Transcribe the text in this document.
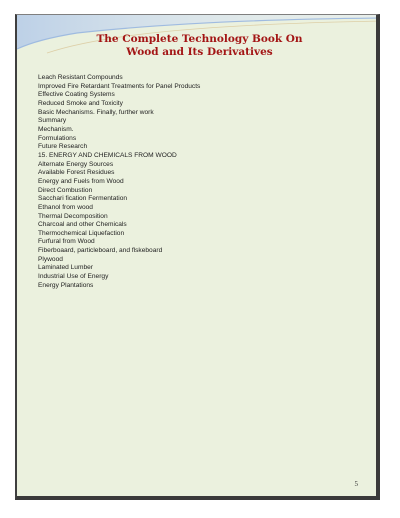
The Complete Technology Book On
Wood and Its Derivatives
Leach Resistant Compounds
Improved Fire Retardant Treatments for Panel Products
Effective Coating Systems
Reduced Smoke and Toxicity
Basic Mechanisms. Finally, further work
Summary
Mechanism.
Formulations
Future Research
15. ENERGY AND CHEMICALS FROM WOOD
Alternate Energy Sources
Available Forest Residues
Energy and Fuels from Wood
Direct Combustion
Sacchari fication Fermentation
Ethanol from wood
Thermal Decomposition
Charcoal and other Chemicals
Thermochemical Liquefaction
Furfural from Wood
Fiberboaard, particleboard, and flskeboard
Plywood
Laminated Lumber
Industrial Use of Energy
Energy Plantations
5
